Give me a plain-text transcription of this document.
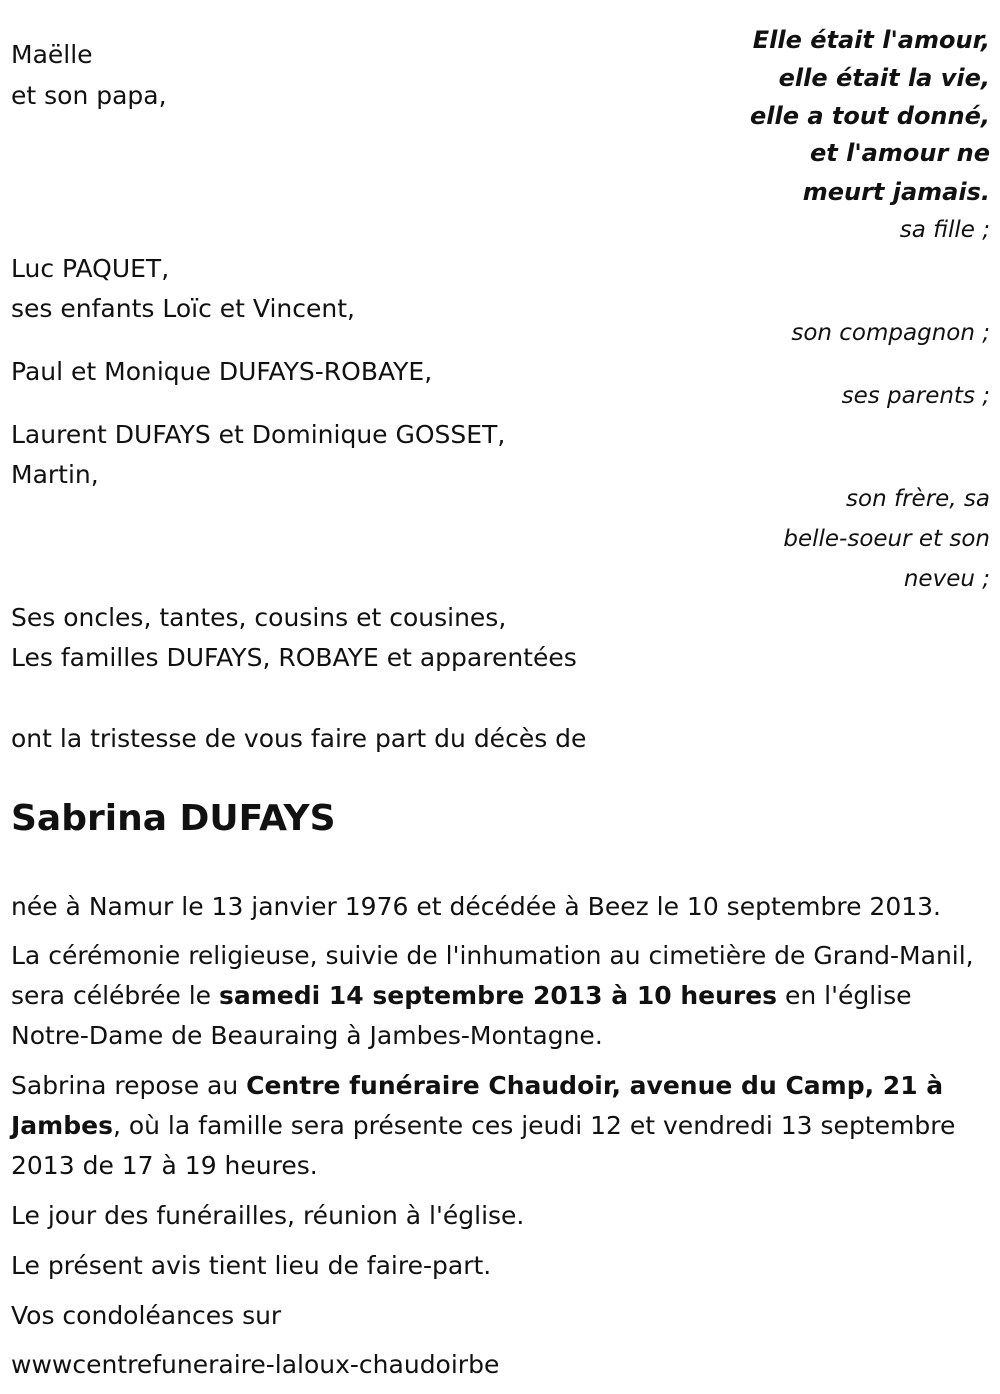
Maëlle
et son papa,
Luc PAQUET,
ses enfants Loïc et Vincent,
Paul et Monique DUFAYS-ROBAYE,
Laurent DUFAYS et Dominique GOSSET,
Martin,
Ses oncles, tantes, cousins et cousines,
Les familles DUFAYS, ROBAYE et apparentées
Elle était l'amour,
elle était la vie,
elle a tout donné,
et l'amour ne
meurt jamais.
sa fille ;
son compagnon ;
ses parents ;
son frère, sa
belle-soeur et son
neveu ;
ont la tristesse de vous faire part du décès de
Sabrina DUFAYS
née à Namur le 13 janvier 1976 et décédée à Beez le 10 septembre 2013.
La cérémonie religieuse, suivie de l'inhumation au cimetière de Grand-Manil, sera célébrée le samedi 14 septembre 2013 à 10 heures en l'église Notre-Dame de Beauraing à Jambes-Montagne.
Sabrina repose au Centre funéraire Chaudoir, avenue du Camp, 21 à Jambes, où la famille sera présente ces jeudi 12 et vendredi 13 septembre 2013 de 17 à 19 heures.
Le jour des funérailles, réunion à l'église.
Le présent avis tient lieu de faire-part.
Vos condoléances sur
wwwcentrefuneraire-laloux-chaudoirbe
